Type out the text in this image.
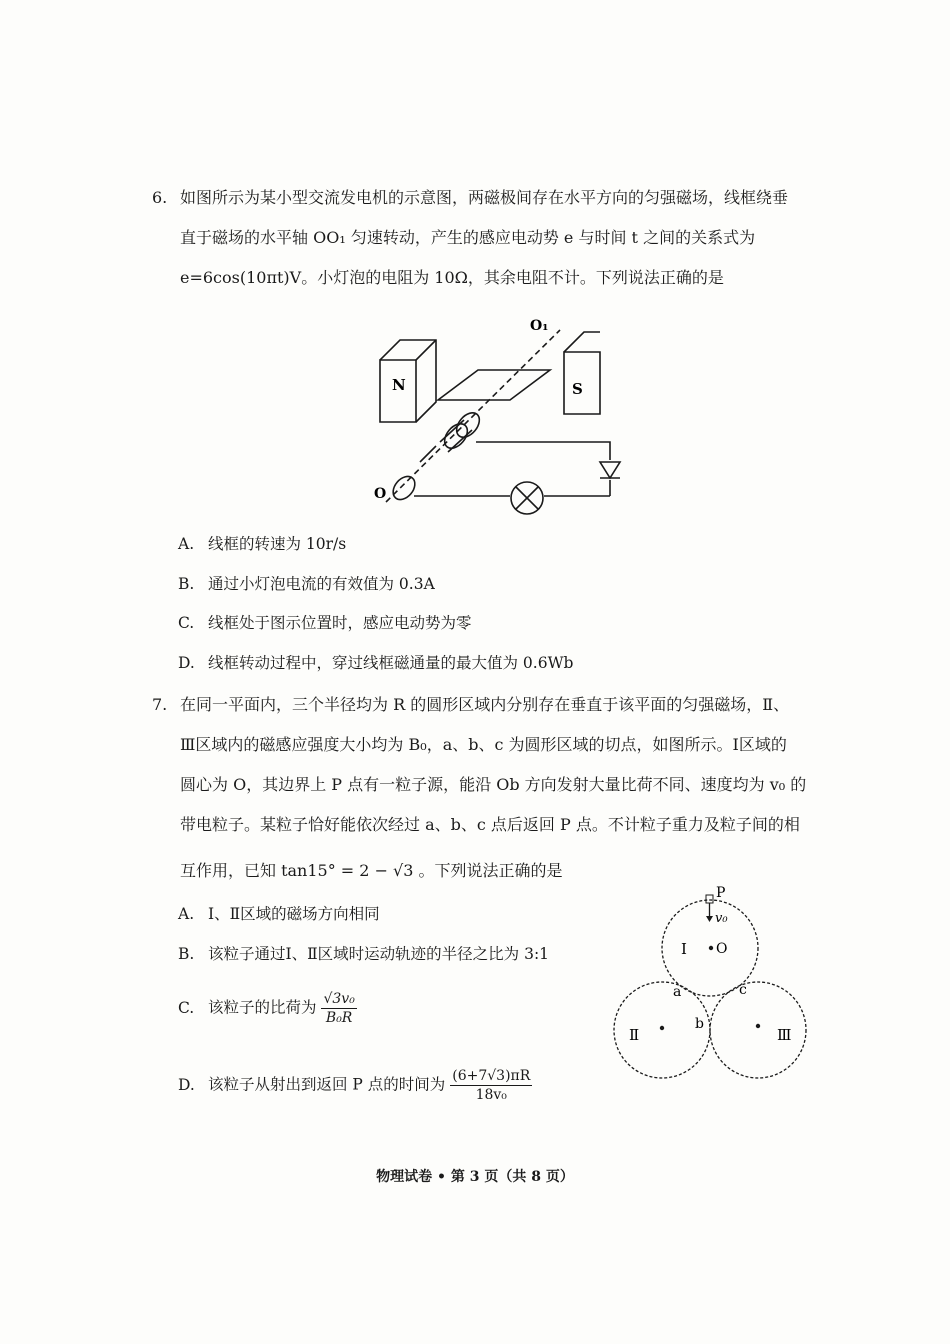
6. 如图所示为某小型交流发电机的示意图，两磁极间存在水平方向的匀强磁场，线框绕垂
直于磁场的水平轴 OO₁ 匀速转动，产生的感应电动势 e 与时间 t 之间的关系式为
e=6cos(10πt)V。小灯泡的电阻为 10Ω，其余电阻不计。下列说法正确的是
N	S
O
O₁
A. 线框的转速为 10r/s
B. 通过小灯泡电流的有效值为 0.3A
C. 线框处于图示位置时，感应电动势为零
D. 线框转动过程中，穿过线框磁通量的最大值为 0.6Wb
7. 在同一平面内，三个半径均为 R 的圆形区域内分别存在垂直于该平面的匀强磁场，Ⅱ、
Ⅲ区域内的磁感应强度大小均为 B₀，a、b、c 为圆形区域的切点，如图所示。Ⅰ区域的
圆心为 O，其边界上 P 点有一粒子源，能沿 Ob 方向发射大量比荷不同、速度均为 v₀ 的
带电粒子。某粒子恰好能依次经过 a、b、c 点后返回 P 点。不计粒子重力及粒子间的相
互作用，已知 tan15° = 2 − √3 。下列说法正确的是
A. Ⅰ、Ⅱ区域的磁场方向相同
B. 该粒子通过Ⅰ、Ⅱ区域时运动轨迹的半径之比为 3:1
C. 该粒子的比荷为 $\frac{\text{√3v₀}}{\text{B₀R}}$
D. 该粒子从射出到返回 P 点的时间为 $\frac{(6+7√3)\pi R}{\text{18v₀}}$
P
v₀
O
Ⅰ
Ⅱ	Ⅲ
a
b
c
物理试卷 • 第 3 页（共 8 页）
